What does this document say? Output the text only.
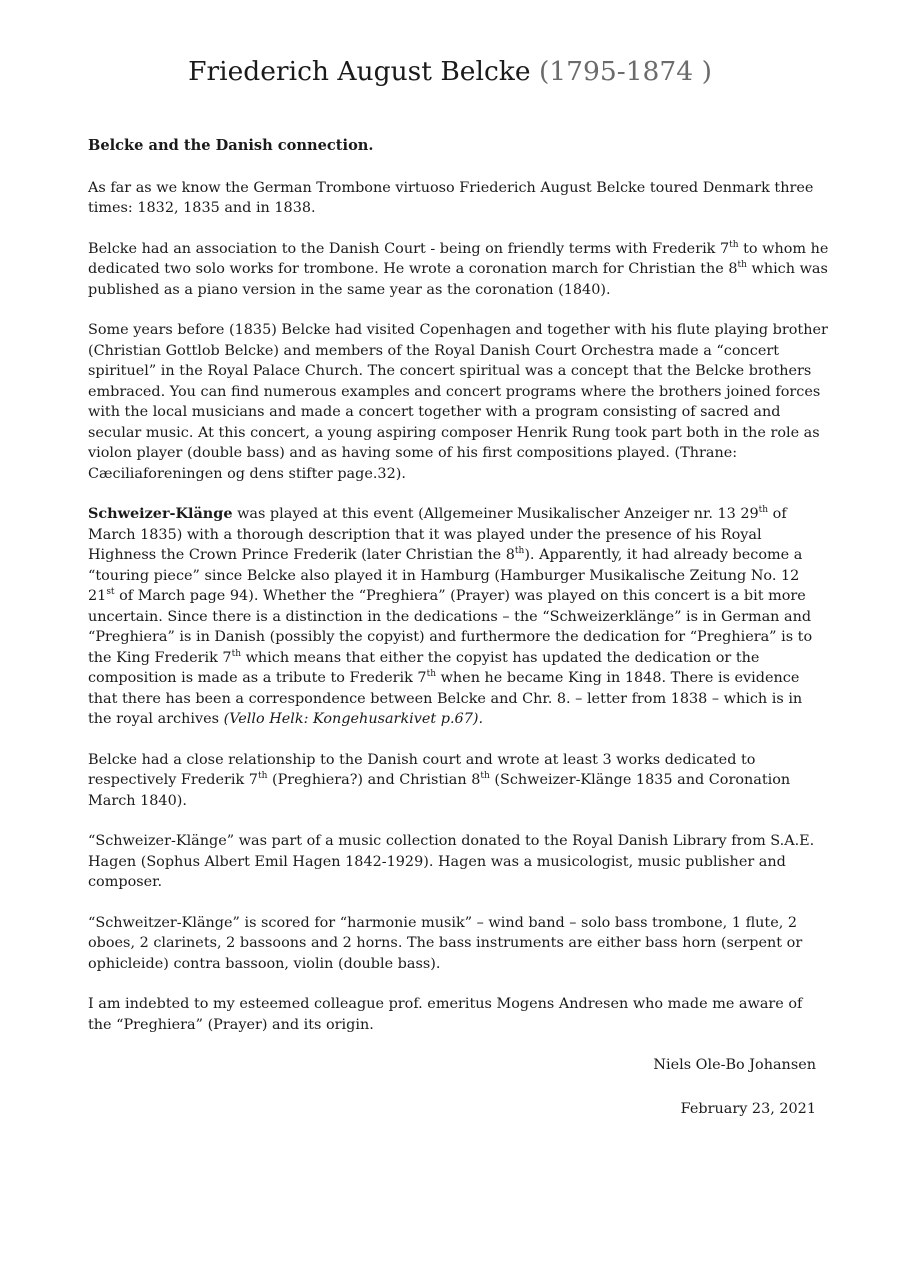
Friederich August Belcke (1795-1874 )

Belcke and the Danish connection.

As far as we know the German Trombone virtuoso Friederich August Belcke toured Denmark three times: 1832, 1835 and in 1838.

Belcke had an association to the Danish Court - being on friendly terms with Frederik 7th to whom he dedicated two solo works for trombone. He wrote a coronation march for Christian the 8th which was published as a piano version in the same year as the coronation (1840).

Some years before (1835) Belcke had visited Copenhagen and together with his flute playing brother (Christian Gottlob Belcke) and members of the Royal Danish Court Orchestra made a “concert spirituel” in the Royal Palace Church. The concert spiritual was a concept that the Belcke brothers embraced. You can find numerous examples and concert programs where the brothers joined forces with the local musicians and made a concert together with a program consisting of sacred and secular music. At this concert, a young aspiring composer Henrik Rung took part both in the role as violon player (double bass) and as having some of his first compositions played. (Thrane: Cæciliaforeningen og dens stifter page.32).

Schweizer-Klänge was played at this event (Allgemeiner Musikalischer Anzeiger nr. 13 29th of March 1835) with a thorough description that it was played under the presence of his Royal Highness the Crown Prince Frederik (later Christian the 8th). Apparently, it had already become a “touring piece” since Belcke also played it in Hamburg (Hamburger Musikalische Zeitung No. 12 21st of March page 94). Whether the “Preghiera” (Prayer) was played on this concert is a bit more uncertain. Since there is a distinction in the dedications – the “Schweizerklänge” is in German and “Preghiera” is in Danish (possibly the copyist) and furthermore the dedication for “Preghiera” is to the King Frederik 7th which means that either the copyist has updated the dedication or the composition is made as a tribute to Frederik 7th when he became King in 1848. There is evidence that there has been a correspondence between Belcke and Chr. 8. – letter from 1838 – which is in the royal archives (Vello Helk: Kongehusarkivet p.67).

Belcke had a close relationship to the Danish court and wrote at least 3 works dedicated to respectively Frederik 7th (Preghiera?) and Christian 8th (Schweizer-Klänge 1835 and Coronation March 1840).

“Schweizer-Klänge” was part of a music collection donated to the Royal Danish Library from S.A.E. Hagen (Sophus Albert Emil Hagen 1842-1929). Hagen was a musicologist, music publisher and composer.

“Schweitzer-Klänge” is scored for “harmonie musik” – wind band – solo bass trombone, 1 flute, 2 oboes, 2 clarinets, 2 bassoons and 2 horns. The bass instruments are either bass horn (serpent or ophicleide) contra bassoon, violin (double bass).

I am indebted to my esteemed colleague prof. emeritus Mogens Andresen who made me aware of the “Preghiera” (Prayer) and its origin.

Niels Ole-Bo Johansen

February 23, 2021
